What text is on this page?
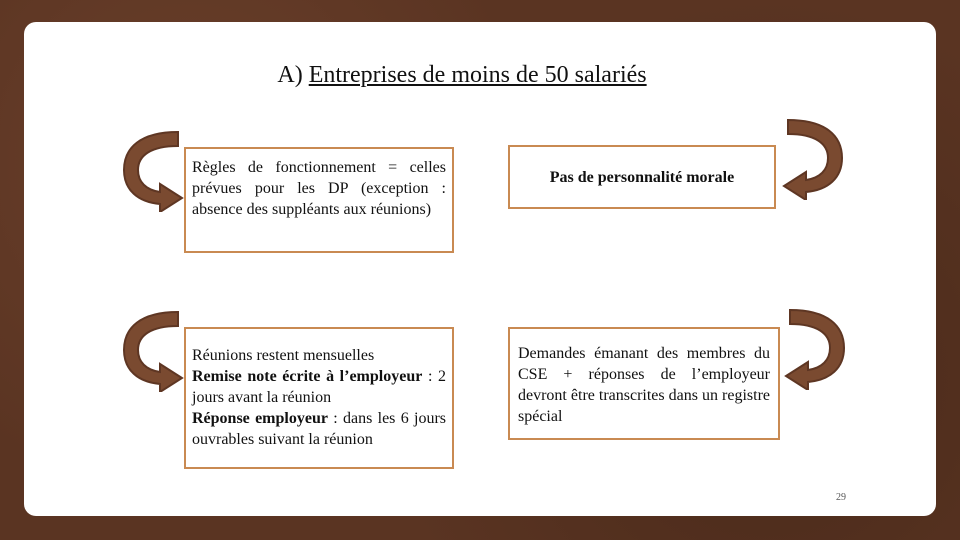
A) Entreprises de moins de 50 salariés
Règles de fonctionnement = celles prévues pour les DP (exception : absence des suppléants aux réunions)
Pas de personnalité morale
Réunions restent mensuelles
Remise note écrite à l’employeur : 2 jours avant la réunion
Réponse employeur : dans les 6 jours ouvrables suivant la réunion
Demandes émanant des membres du CSE + réponses de l’employeur devront être transcrites dans un registre spécial
29
